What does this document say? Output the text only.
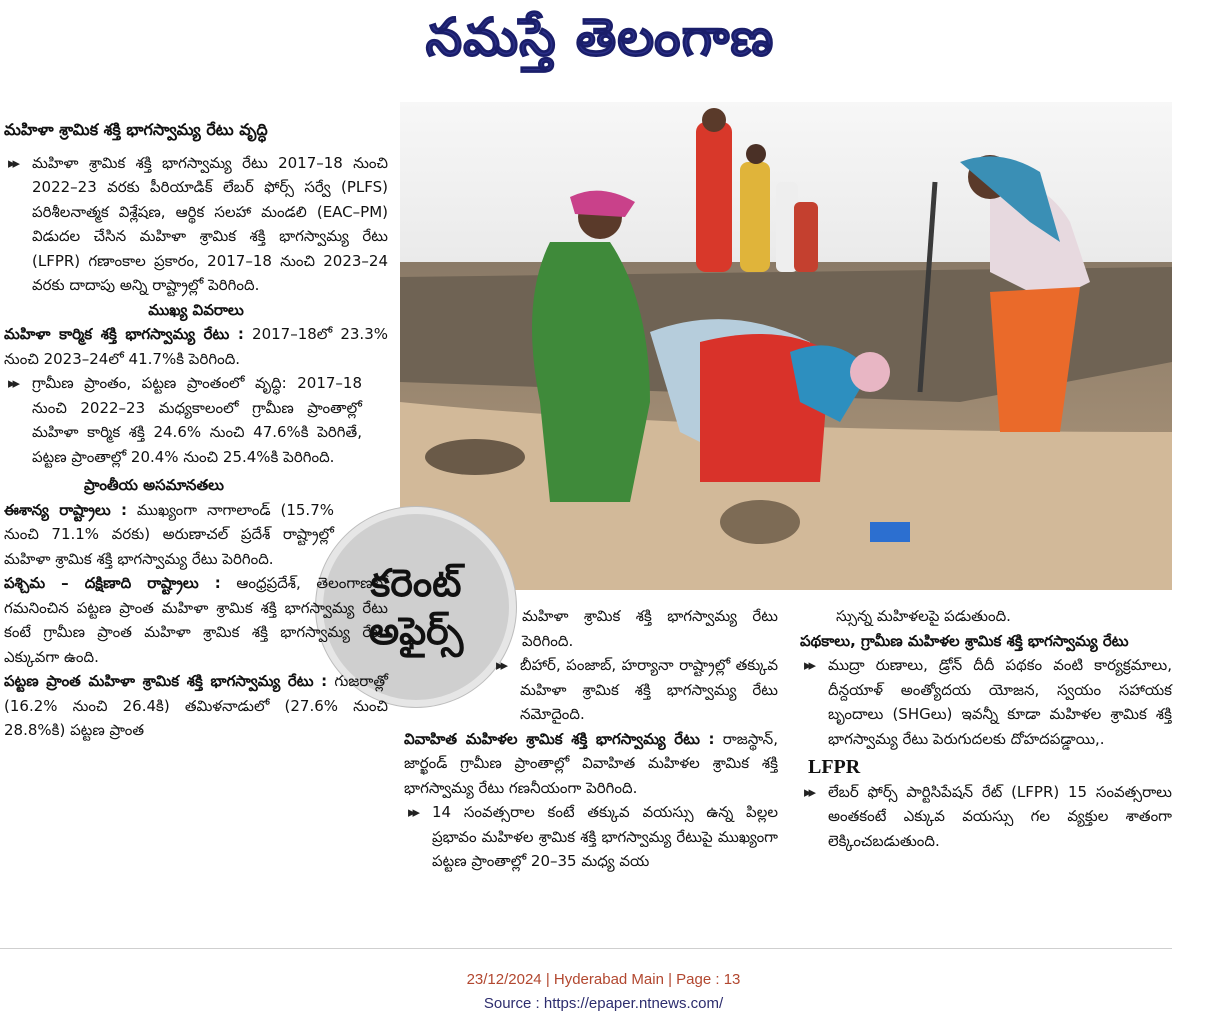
నమస్తే తెలంగాణ
కరెంట్
అఫైర్స్

మహిళా శ్రామిక శక్తి భాగస్వామ్య రేటు వృద్ధి

▸▸ మహిళా శ్రామిక శక్తి భాగస్వామ్య రేటు 2017–18 నుంచి 2022–23 వరకు పీరియాడిక్ లేబర్ ఫోర్స్ సర్వే (PLFS) పరిశీలనాత్మక విశ్లేషణ, ఆర్థిక సలహా మండలి (EAC–PM) విడుదల చేసిన మహిళా శ్రామిక శక్తి భాగస్వామ్య రేటు (LFPR) గణాంకాల ప్రకారం, 2017–18 నుంచి 2023–24 వరకు దాదాపు అన్ని రాష్ట్రాల్లో పెరిగింది.

ముఖ్య వివరాలు

మహిళా కార్మిక శక్తి భాగస్వామ్య రేటు : 2017–18లో 23.3% నుంచి 2023–24లో 41.7%కి పెరిగింది.

▸▸ గ్రామీణ ప్రాంతం, పట్టణ ప్రాంతంలో వృద్ధి: 2017–18 నుంచి 2022–23 మధ్యకాలంలో గ్రామీణ ప్రాంతాల్లో మహిళా కార్మిక శక్తి 24.6% నుంచి 47.6%కి పెరిగితే, పట్టణ ప్రాంతాల్లో 20.4% నుంచి 25.4%కి పెరిగింది.

ప్రాంతీయ అసమానతలు

ఈశాన్య రాష్ట్రాలు : ముఖ్యంగా నాగాలాండ్ (15.7% నుంచి 71.1% వరకు) అరుణాచల్ ప్రదేశ్ రాష్ట్రాల్లో మహిళా శ్రామిక శక్తి భాగస్వామ్య రేటు పెరిగింది.

పశ్చిమ – దక్షిణాది రాష్ట్రాలు : ఆంధ్రప్రదేశ్, తెలంగాణలో గమనించిన పట్టణ ప్రాంత మహిళా శ్రామిక శక్తి భాగస్వామ్య రేటు కంటే గ్రామీణ ప్రాంత మహిళా శ్రామిక శక్తి భాగస్వామ్య రేటు ఎక్కువగా ఉంది.

పట్టణ ప్రాంత మహిళా శ్రామిక శక్తి భాగస్వామ్య రేటు : గుజరాత్లో (16.2% నుంచి 26.4కి) తమిళనాడులో (27.6% నుంచి 28.8%కి) పట్టణ ప్రాంత

మహిళా శ్రామిక శక్తి భాగస్వామ్య రేటు పెరిగింది.

▸▸ బీహార్, పంజాబ్, హర్యానా రాష్ట్రాల్లో తక్కువ మహిళా శ్రామిక శక్తి భాగస్వామ్య రేటు నమోదైంది.

వివాహిత మహిళల శ్రామిక శక్తి భాగస్వామ్య రేటు : రాజస్థాన్, జార్ఖండ్ గ్రామీణ ప్రాంతాల్లో వివాహిత మహిళల శ్రామిక శక్తి భాగస్వామ్య రేటు గణనీయంగా పెరిగింది.

▸▸ 14 సంవత్సరాల కంటే తక్కువ వయస్సు ఉన్న పిల్లల ప్రభావం మహిళల శ్రామిక శక్తి భాగస్వామ్య రేటుపై ముఖ్యంగా పట్టణ ప్రాంతాల్లో 20–35 మధ్య వయ

స్సున్న మహిళలపై పడుతుంది.

పథకాలు, గ్రామీణ మహిళల శ్రామిక శక్తి భాగస్వామ్య రేటు

▸▸ ముద్రా రుణాలు, డ్రోన్ దీదీ పథకం వంటి కార్యక్రమాలు, దీన్దయాళ్ అంత్యోదయ యోజన, స్వయం సహాయక బృందాలు (SHGలు) ఇవన్నీ కూడా మహిళల శ్రామిక శక్తి భాగస్వామ్య రేటు పెరుగుదలకు దోహదపడ్డాయి,.

LFPR

▸▸ లేబర్ ఫోర్స్ పార్టిసిపేషన్ రేట్ (LFPR) 15 సంవత్సరాలు అంతకంటే ఎక్కువ వయస్సు గల వ్యక్తుల శాతంగా లెక్కించబడుతుంది.

23/12/2024 | Hyderabad Main | Page : 13
Source : https://epaper.ntnews.com/
